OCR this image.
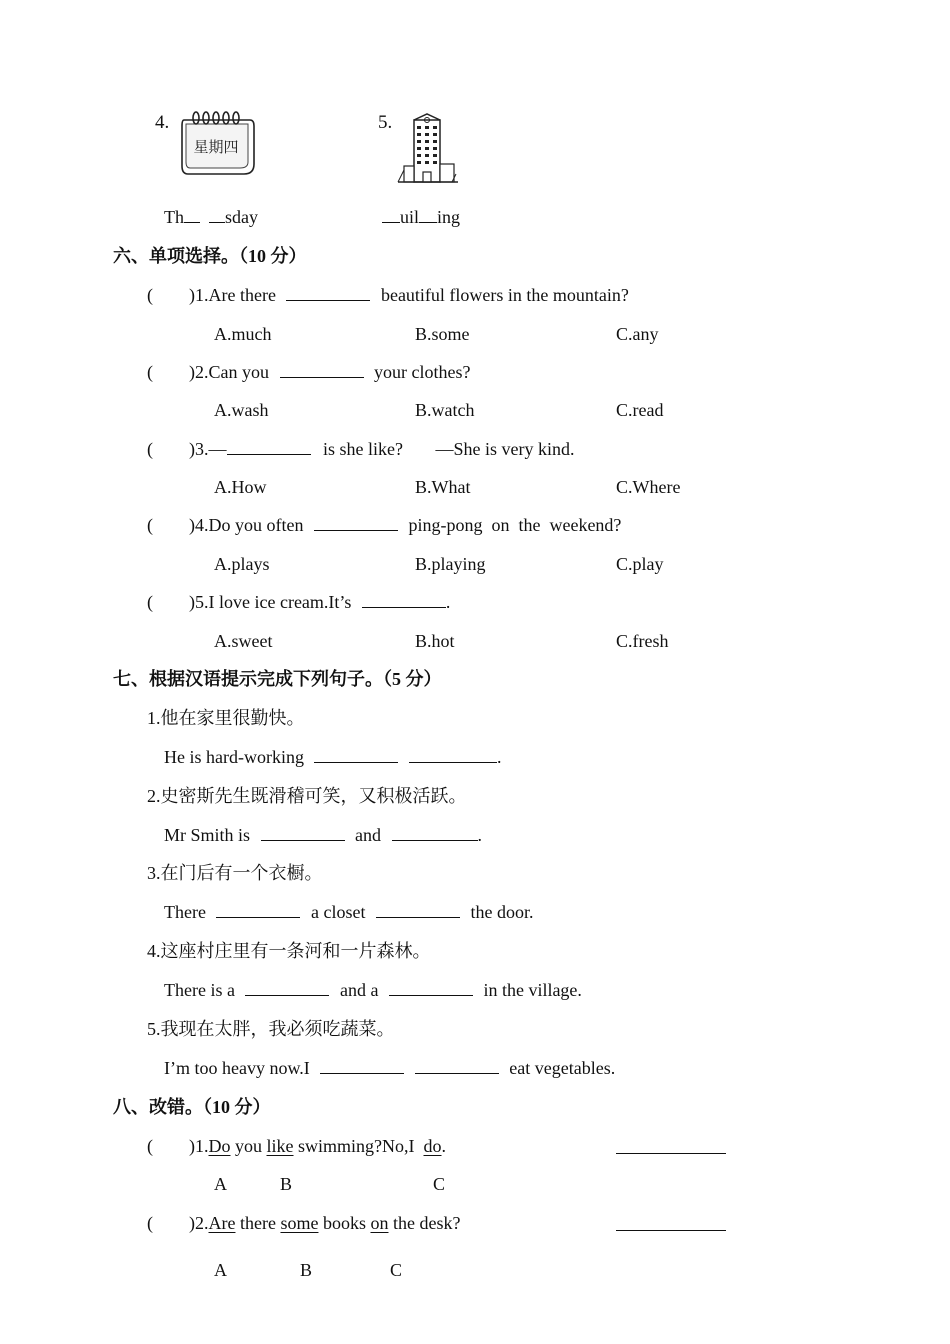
4.
星期四
5.
Th sday	uil ing
六、单项选择。（10 分）
( )1.Are there	beautiful flowers in the mountain?
A.much	B.some	C.any
( )2.Can you	your clothes?
A.wash	B.watch	C.read
( )3.—	is she like? —She is very kind.
A.How	B.What	C.Where
( )4.Do you often	ping-pong  on  the  weekend?
A.plays	B.playing	C.play
( )5.I love ice cream.It’s	.
A.sweet	B.hot	C.fresh
七、根据汉语提示完成下列句子。（5 分）
1.他在家里很勤快。
He is hard-working	.
2.史密斯先生既滑稽可笑，又积极活跃。
Mr Smith is	and	.
3.在门后有一个衣橱。
There	a closet	the door.
4.这座村庄里有一条河和一片森林。
There is a	and a	in the village.
5.我现在太胖，我必须吃蔬菜。
I’m too heavy now.I	eat vegetables.
八、改错。（10 分）
( )1.Do you like swimming?No,I  do.
A	B	C
( )2.Are there some books on the desk?
A	B	C
